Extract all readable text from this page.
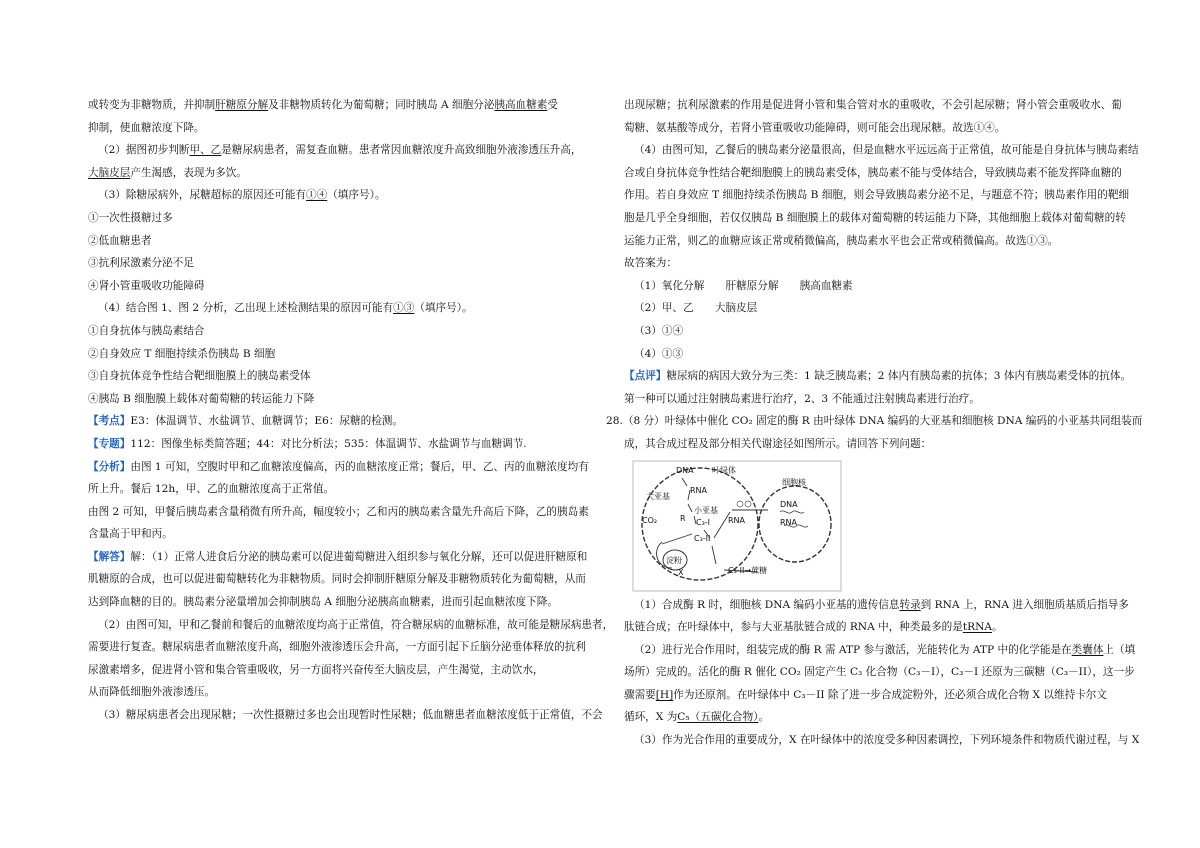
或转变为非糖物质，并抑制肝糖原分解及非糖物质转化为葡萄糖；同时胰岛 A 细胞分泌胰高血糖素受
抑制，使血糖浓度下降。
（2）据图初步判断甲、乙是糖尿病患者，需复查血糖。患者常因血糖浓度升高致细胞外液渗透压升高，
大脑皮层产生渴感，表现为多饮。
（3）除糖尿病外，尿糖超标的原因还可能有①④（填序号）。
①一次性摄糖过多
②低血糖患者
③抗利尿激素分泌不足
④肾小管重吸收功能障碍
（4）结合图 1、图 2 分析，乙出现上述检测结果的原因可能有①③（填序号）。
①自身抗体与胰岛素结合
②自身效应 T 细胞持续杀伤胰岛 B 细胞
③自身抗体竞争性结合靶细胞膜上的胰岛素受体
④胰岛 B 细胞膜上载体对葡萄糖的转运能力下降
【考点】E3：体温调节、水盐调节、血糖调节；E6：尿糖的检测。
【专题】112：图像坐标类简答题；44：对比分析法；535：体温调节、水盐调节与血糖调节.
【分析】由图 1 可知，空腹时甲和乙血糖浓度偏高，丙的血糖浓度正常；餐后，甲、乙、丙的血糖浓度均有
所上升。餐后 12h，甲、乙的血糖浓度高于正常值。
由图 2 可知，甲餐后胰岛素含量稍微有所升高，幅度较小；乙和丙的胰岛素含量先升高后下降，乙的胰岛素
含量高于甲和丙。
【解答】解：（1）正常人进食后分泌的胰岛素可以促进葡萄糖进入组织参与氧化分解，还可以促进肝糖原和
肌糖原的合成，也可以促进葡萄糖转化为非糖物质。同时会抑制肝糖原分解及非糖物质转化为葡萄糖，从而
达到降血糖的目的。胰岛素分泌量增加会抑制胰岛 A 细胞分泌胰高血糖素，进而引起血糖浓度下降。
（2）由图可知，甲和乙餐前和餐后的血糖浓度均高于正常值，符合糖尿病的血糖标准，故可能是糖尿病患者，
需要进行复查。糖尿病患者血糖浓度升高，细胞外液渗透压会升高，一方面引起下丘脑分泌垂体释放的抗利
尿激素增多，促进肾小管和集合管重吸收，另一方面将兴奋传至大脑皮层，产生渴觉，主动饮水，
从而降低细胞外液渗透压。
（3）糖尿病患者会出现尿糖；一次性摄糖过多也会出现暂时性尿糖；低血糖患者血糖浓度低于正常值，不会
出现尿糖；抗利尿激素的作用是促进肾小管和集合管对水的重吸收，不会引起尿糖；肾小管会重吸收水、葡
萄糖、氨基酸等成分，若肾小管重吸收功能障碍，则可能会出现尿糖。故选①④。
（4）由图可知，乙餐后的胰岛素分泌量很高，但是血糖水平远远高于正常值，故可能是自身抗体与胰岛素结
合或自身抗体竞争性结合靶细胞膜上的胰岛素受体，胰岛素不能与受体结合，导致胰岛素不能发挥降血糖的
作用。若自身效应 T 细胞持续杀伤胰岛 B 细胞，则会导致胰岛素分泌不足，与题意不符；胰岛素作用的靶细
胞是几乎全身细胞，若仅仅胰岛 B 细胞膜上的载体对葡萄糖的转运能力下降，其他细胞上载体对葡萄糖的转
运能力正常，则乙的血糖应该正常或稍微偏高，胰岛素水平也会正常或稍微偏高。故选①③。
故答案为：
（1）氧化分解　　肝糖原分解　　胰高血糖素
（2）甲、乙　　大脑皮层
（3）①④
（4）①③
【点评】糖尿病的病因大致分为三类：1 缺乏胰岛素；2 体内有胰岛素的抗体；3 体内有胰岛素受体的抗体。
第一种可以通过注射胰岛素进行治疗，2、3 不能通过注射胰岛素进行治疗。
28.（8 分）叶绿体中催化 CO₂ 固定的酶 R 由叶绿体 DNA 编码的大亚基和细胞核 DNA 编码的小亚基共同组装而
成，其合成过程及部分相关代谢途径如图所示。请回答下列问题：
DNA 叶绿体
细胞核
RNA
大亚基
小亚基
CO₂	R C₃-I
C₃-II
淀粉
X	C₃-II→蔗糖
RNA
DNA
RNA
（1）合成酶 R 时，细胞核 DNA 编码小亚基的遗传信息转录到 RNA 上，RNA 进入细胞质基质后指导多
肽链合成；在叶绿体中，参与大亚基肽链合成的 RNA 中，种类最多的是tRNA。
（2）进行光合作用时，组装完成的酶 R 需 ATP 参与激活，光能转化为 ATP 中的化学能是在类囊体上（填
场所）完成的。活化的酶 R 催化 CO₂ 固定产生 C₃ 化合物（C₃－I），C₃－I 还原为三碳糖（C₃－II），这一步
骤需要[H]作为还原剂。在叶绿体中 C₃－II 除了进一步合成淀粉外，还必须合成化合物 X 以维持卡尔文
循环，X 为C₅（五碳化合物）。
（3）作为光合作用的重要成分，X 在叶绿体中的浓度受多种因素调控，下列环境条件和物质代谢过程，与 X
